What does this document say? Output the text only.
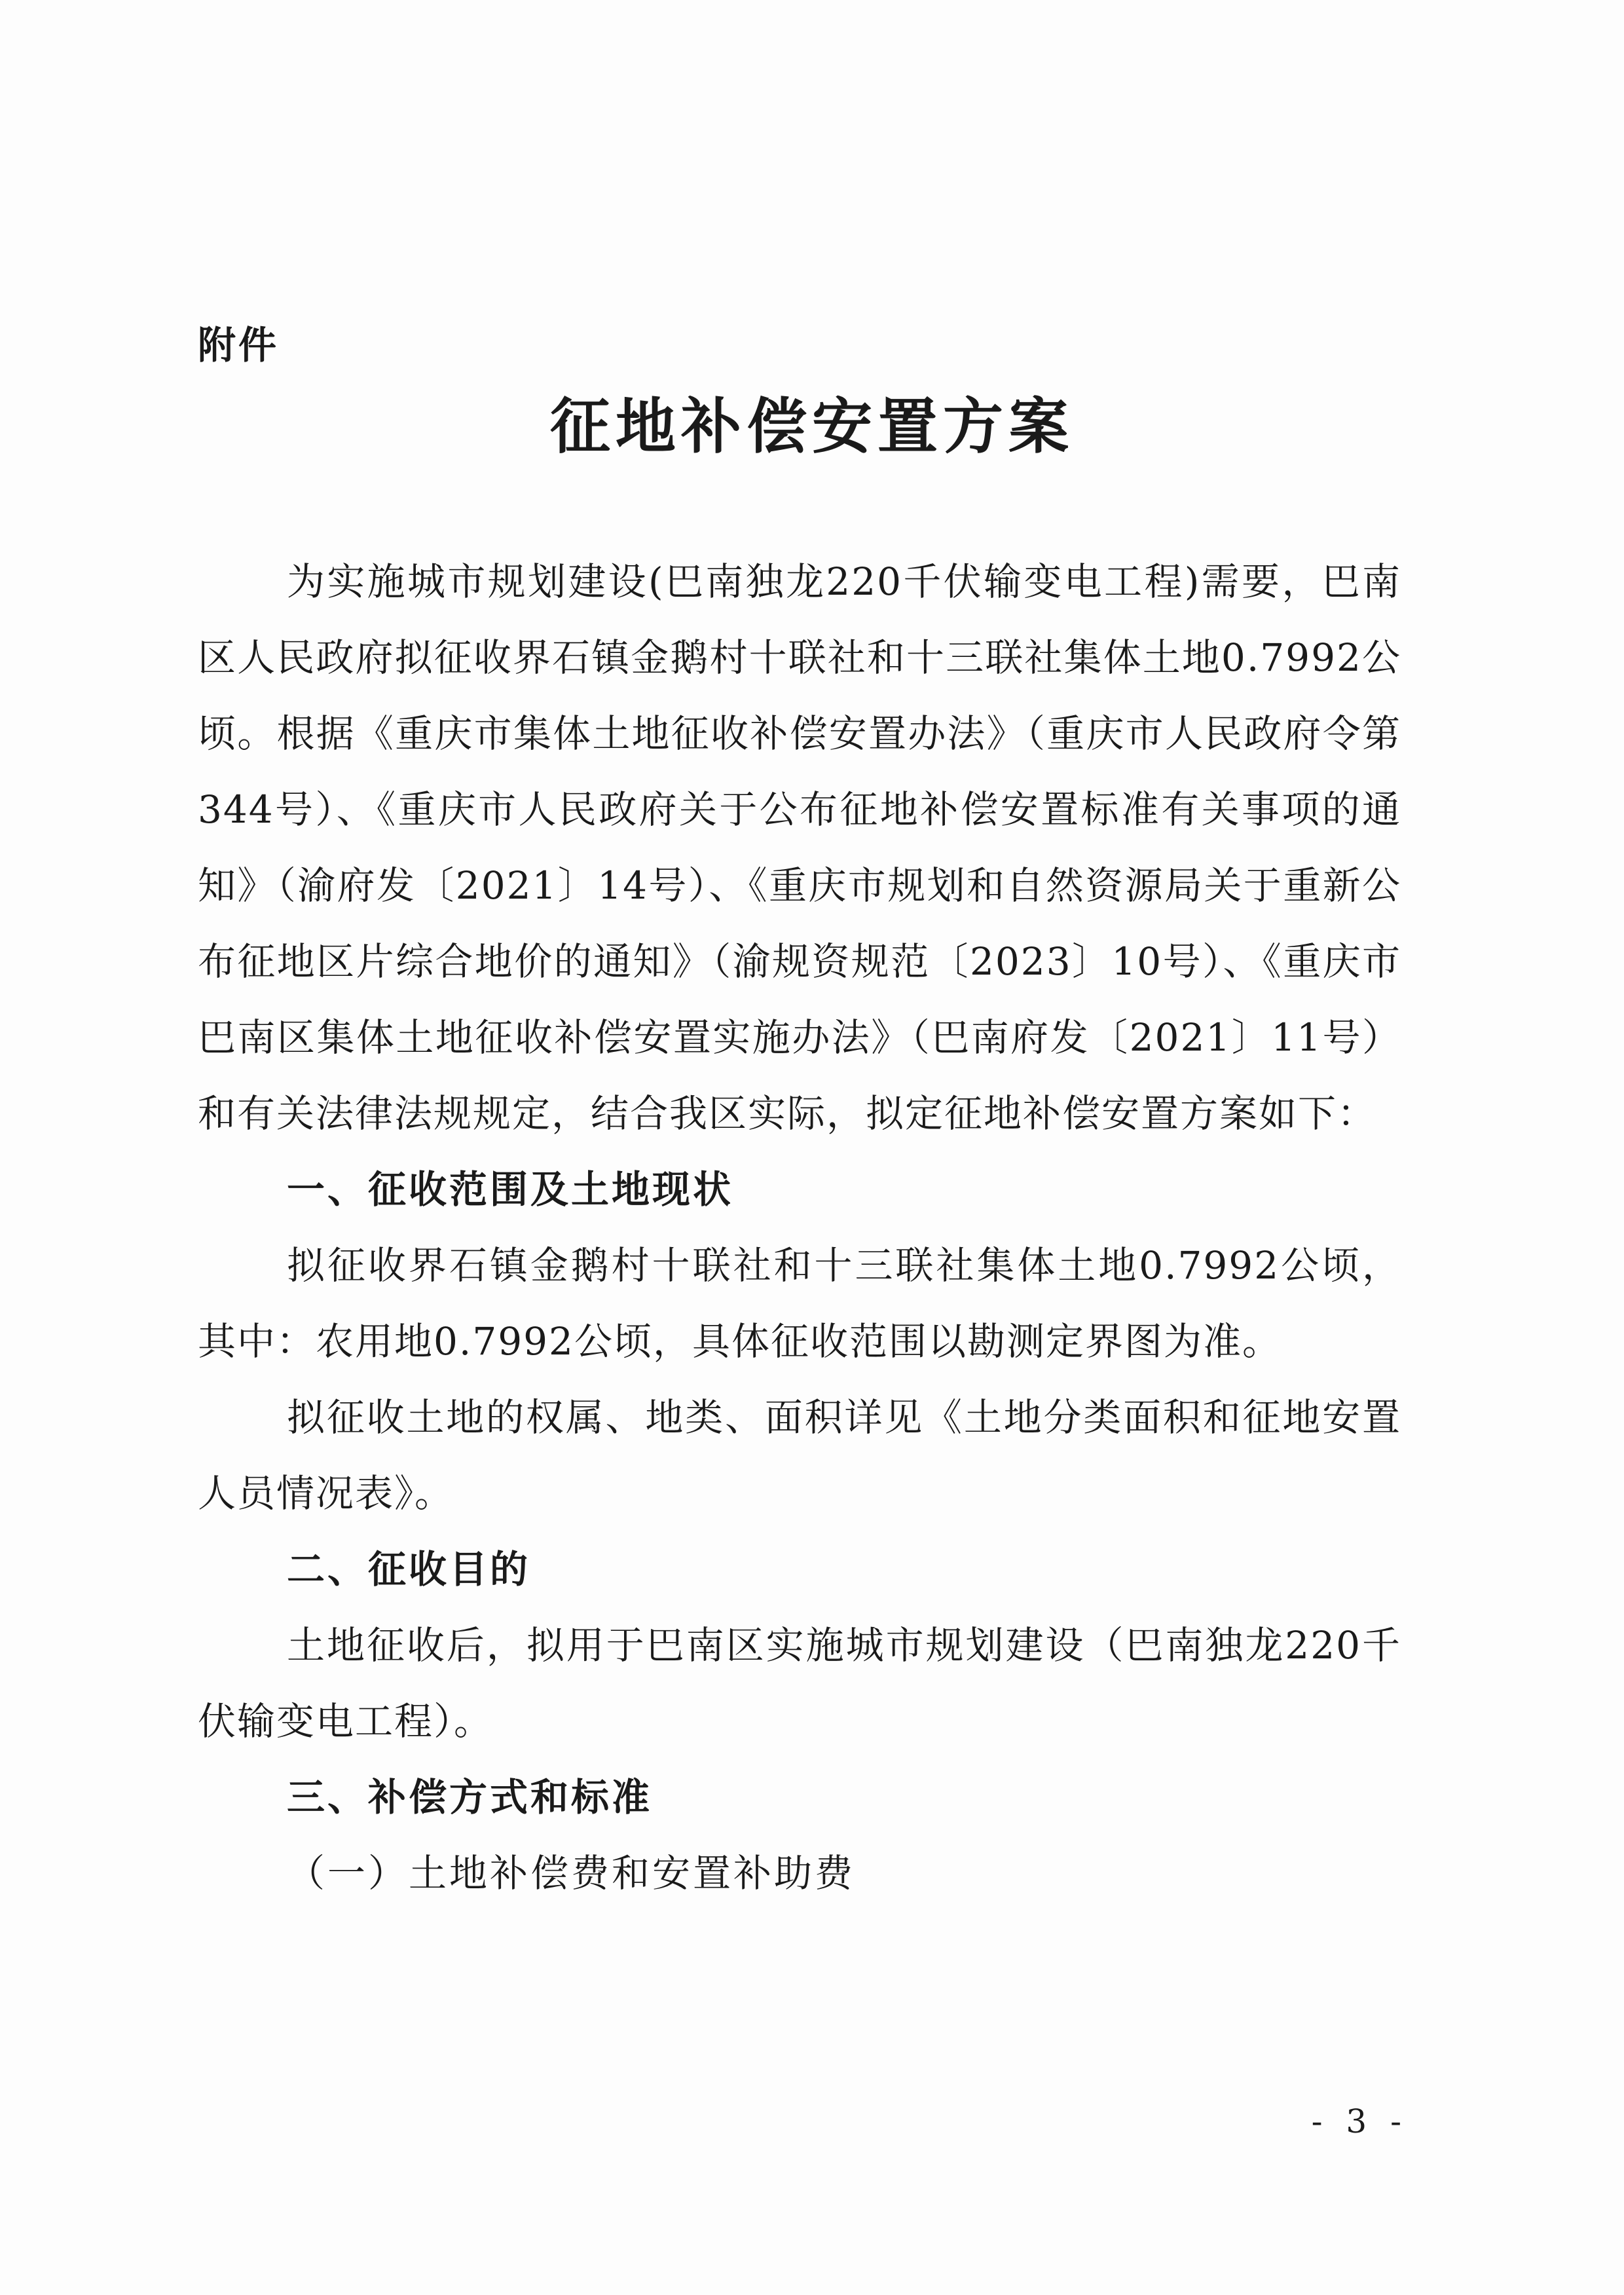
附件
征地补偿安置方案

为实施城市规划建设(巴南独龙220千伏输变电工程)需要，巴南区人民政府拟征收界石镇金鹅村十联社和十三联社集体土地0.7992公顷。根据《重庆市集体土地征收补偿安置办法》（重庆市人民政府令第344号）、《重庆市人民政府关于公布征地补偿安置标准有关事项的通知》（渝府发〔2021〕14号）、《重庆市规划和自然资源局关于重新公布征地区片综合地价的通知》（渝规资规范〔2023〕10号）、《重庆市巴南区集体土地征收补偿安置实施办法》（巴南府发〔2021〕11号）和有关法律法规规定，结合我区实际，拟定征地补偿安置方案如下：

一、征收范围及土地现状

拟征收界石镇金鹅村十联社和十三联社集体土地0.7992公顷，其中：农用地0.7992公顷，具体征收范围以勘测定界图为准。

拟征收土地的权属、地类、面积详见《土地分类面积和征地安置人员情况表》。

二、征收目的

土地征收后，拟用于巴南区实施城市规划建设（巴南独龙220千伏输变电工程）。

三、补偿方式和标准

（一）土地补偿费和安置补助费

- 3 -
